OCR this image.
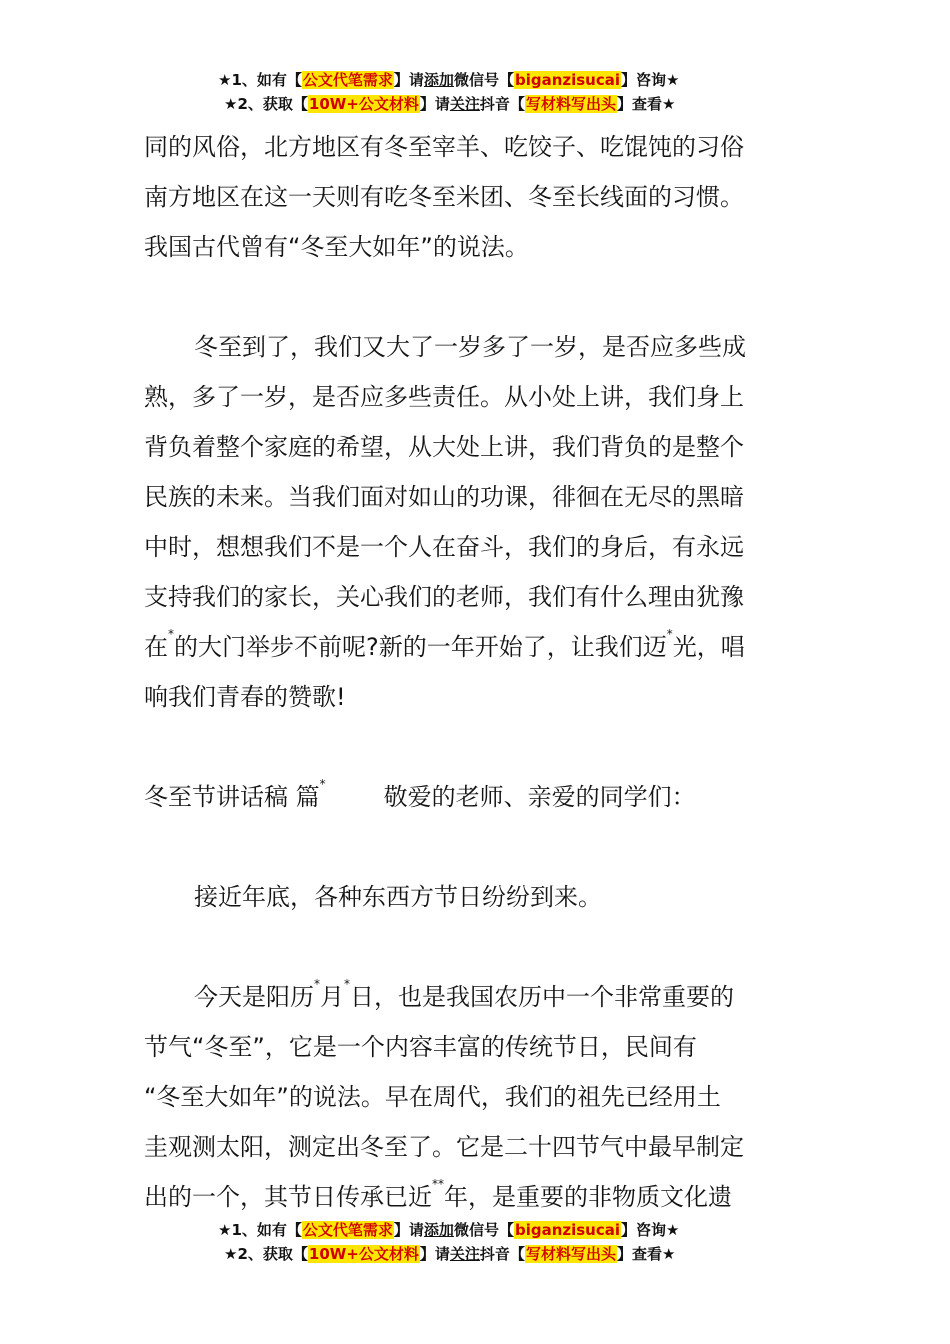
★1、如有【公文代笔需求】请添加微信号【biganzisucai】咨询★
★2、获取【10W+公文材料】请关注抖音【写材料写出头】查看★
同的风俗，北方地区有冬至宰羊、吃饺子、吃馄饨的习俗
南方地区在这一天则有吃冬至米团、冬至长线面的习惯。
我国古代曾有“冬至大如年”的说法。
冬至到了，我们又大了一岁多了一岁，是否应多些成
熟，多了一岁，是否应多些责任。从小处上讲，我们身上
背负着整个家庭的希望，从大处上讲，我们背负的是整个
民族的未来。当我们面对如山的功课，徘徊在无尽的黑暗
中时，想想我们不是一个人在奋斗，我们的身后，有永远
支持我们的家长，关心我们的老师，我们有什么理由犹豫
在*的大门举步不前呢?新的一年开始了，让我们迈*光，唱
响我们青春的赞歌!
冬至节讲话稿 篇* 敬爱的老师、亲爱的同学们：
接近年底，各种东西方节日纷纷到来。
今天是阳历*月*日，也是我国农历中一个非常重要的
节气“冬至”，它是一个内容丰富的传统节日，民间有
“冬至大如年”的说法。早在周代，我们的祖先已经用土
圭观测太阳，测定出冬至了。它是二十四节气中最早制定
出的一个，其节日传承已近**年，是重要的非物质文化遗
★1、如有【公文代笔需求】请添加微信号【biganzisucai】咨询★
★2、获取【10W+公文材料】请关注抖音【写材料写出头】查看★
